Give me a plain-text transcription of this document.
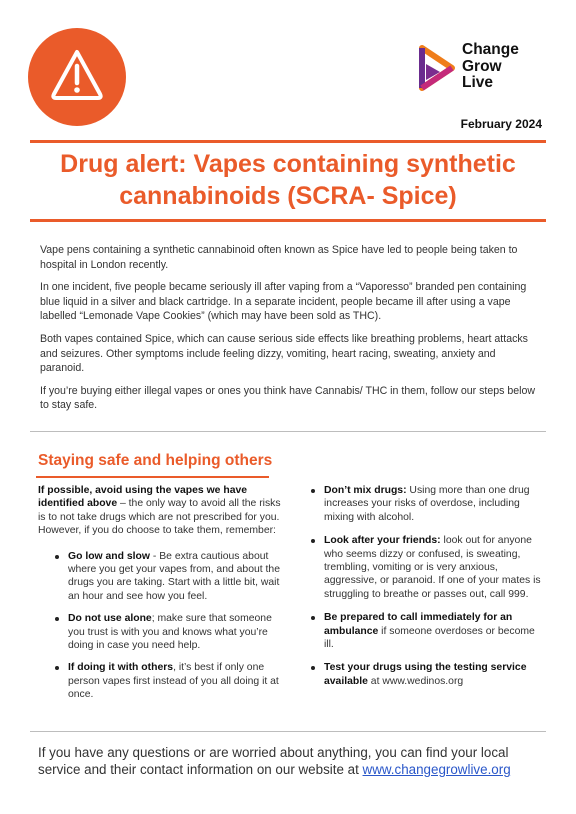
Change
Grow
Live
February 2024
Drug alert: Vapes containing synthetic cannabinoids (SCRA- Spice)

Vape pens containing a synthetic cannabinoid often known as Spice have led to people being taken to hospital in London recently.

In one incident, five people became seriously ill after vaping from a “Vaporesso” branded pen containing blue liquid in a silver and black cartridge. In a separate incident, people became ill after using a vape labelled “Lemonade Vape Cookies” (which may have been sold as THC).

Both vapes contained Spice, which can cause serious side effects like breathing problems, heart attacks and seizures. Other symptoms include feeling dizzy, vomiting, heart racing, sweating, anxiety and paranoid.

If you’re buying either illegal vapes or ones you think have Cannabis/ THC in them, follow our steps below to stay safe.

Staying safe and helping others

If possible, avoid using the vapes we have identified above – the only way to avoid all the risks is to not take drugs which are not prescribed for you. However, if you do choose to take them, remember:

Go low and slow - Be extra cautious about where you get your vapes from, and about the drugs you are taking. Start with a little bit, wait an hour and see how you feel.
Do not use alone; make sure that someone you trust is with you and knows what you’re doing in case you need help.
If doing it with others, it’s best if only one person vapes first instead of you all doing it at once.
Don’t mix drugs: Using more than one drug increases your risks of overdose, including mixing with alcohol.
Look after your friends: look out for anyone who seems dizzy or confused, is sweating, trembling, vomiting or is very anxious, aggressive, or paranoid. If one of your mates is struggling to breathe or passes out, call 999.
Be prepared to call immediately for an ambulance if someone overdoses or become ill.
Test your drugs using the testing service available at www.wedinos.org

If you have any questions or are worried about anything, you can find your local service and their contact information on our website at www.changegrowlive.org
